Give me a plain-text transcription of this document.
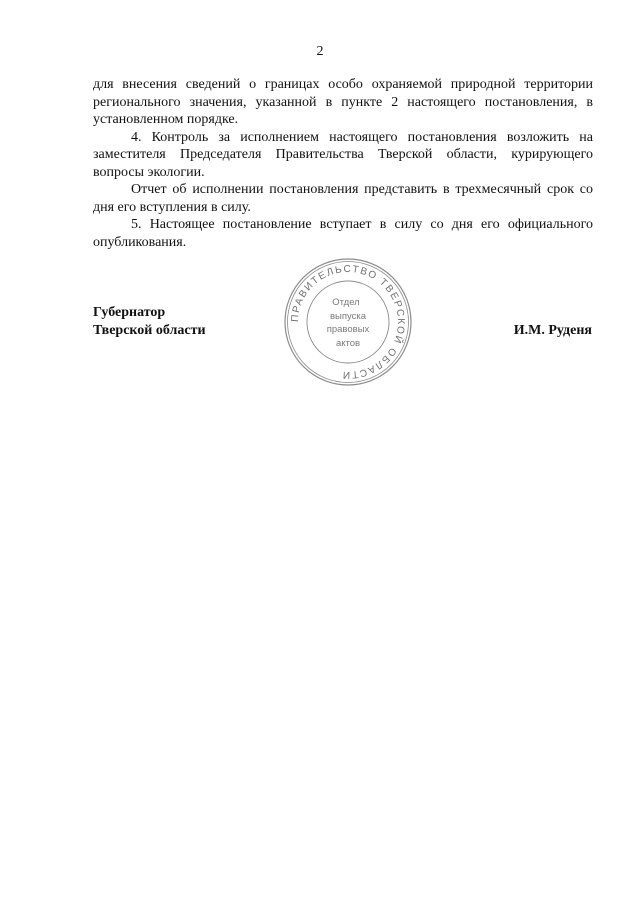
2

для внесения сведений о границах особо охраняемой природной территории регионального значения, указанной в пункте 2 настоящего постановления, в установленном порядке.

4. Контроль за исполнением настоящего постановления возложить на заместителя Председателя Правительства Тверской области, курирующего вопросы экологии.

Отчет об исполнении постановления представить в трехмесячный срок со дня его вступления в силу.

5. Настоящее постановление вступает в силу со дня его официального опубликования.

Губернатор
Тверской области
ПРАВИТЕЛЬСТВО ТВЕРСКОЙ ОБЛАСТИ
Отдел
выпуска
правовых
актов
И.М. Руденя
